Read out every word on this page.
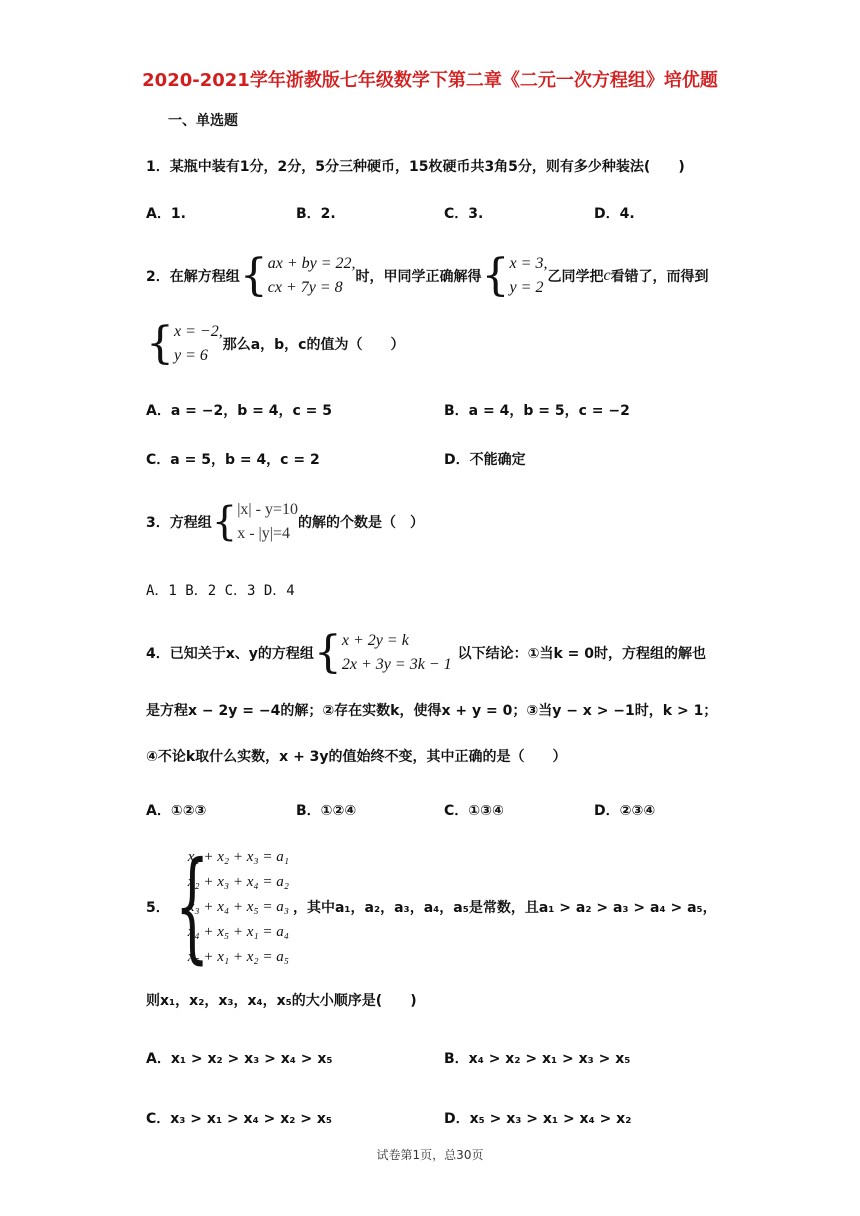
2020-2021学年浙教版七年级数学下第二章《二元一次方程组》培优题
一、单选题
1．某瓶中装有1分，2分，5分三种硬币，15枚硬币共3角5分，则有多少种装法(　　)
A．1.	B．2.	C．3.	D．4.
2．在解方程组 { ax + by = 22,
cx + 7y = 8
时，甲同学正确解得 { x = 3,
y = 2
乙同学把 c 看错了，而得到
{ x = −2,
y = 6
那么a，b，c的值为（　　）
A．a = −2，b = 4，c = 5	B．a = 4，b = 5，c = −2
C．a = 5，b = 4，c = 2	D．不能确定
3．方程组 { |x| - y=10
x - |y|=4
的解的个数是（　）
A．1 B．2 C．3 D．4
4．已知关于x、y的方程组 { x + 2y = k
2x + 3y = 3k − 1
以下结论：①当k = 0时，方程组的解也
是方程x − 2y = −4的解；②存在实数k，使得x + y = 0；③当y − x > −1时，k > 1；
④不论k取什么实数，x + 3y的值始终不变，其中正确的是（　　）
A．①②③	B．①②④	C．①③④	D．②③④
5． {
x₁ + x₂ + x₃ = a₁
x₂ + x₃ + x₄ = a₂
x₃ + x₄ + x₅ = a₃
x₄ + x₅ + x₁ = a₄
x₅ + x₁ + x₂ = a₅
，其中a₁，a₂，a₃，a₄，a₅是常数，且a₁ > a₂ > a₃ > a₄ > a₅，
则x₁，x₂，x₃，x₄，x₅的大小顺序是(　　)
A．x₁ > x₂ > x₃ > x₄ > x₅	B．x₄ > x₂ > x₁ > x₃ > x₅
C．x₃ > x₁ > x₄ > x₂ > x₅	D．x₅ > x₃ > x₁ > x₄ > x₂
试卷第1页，总30页
